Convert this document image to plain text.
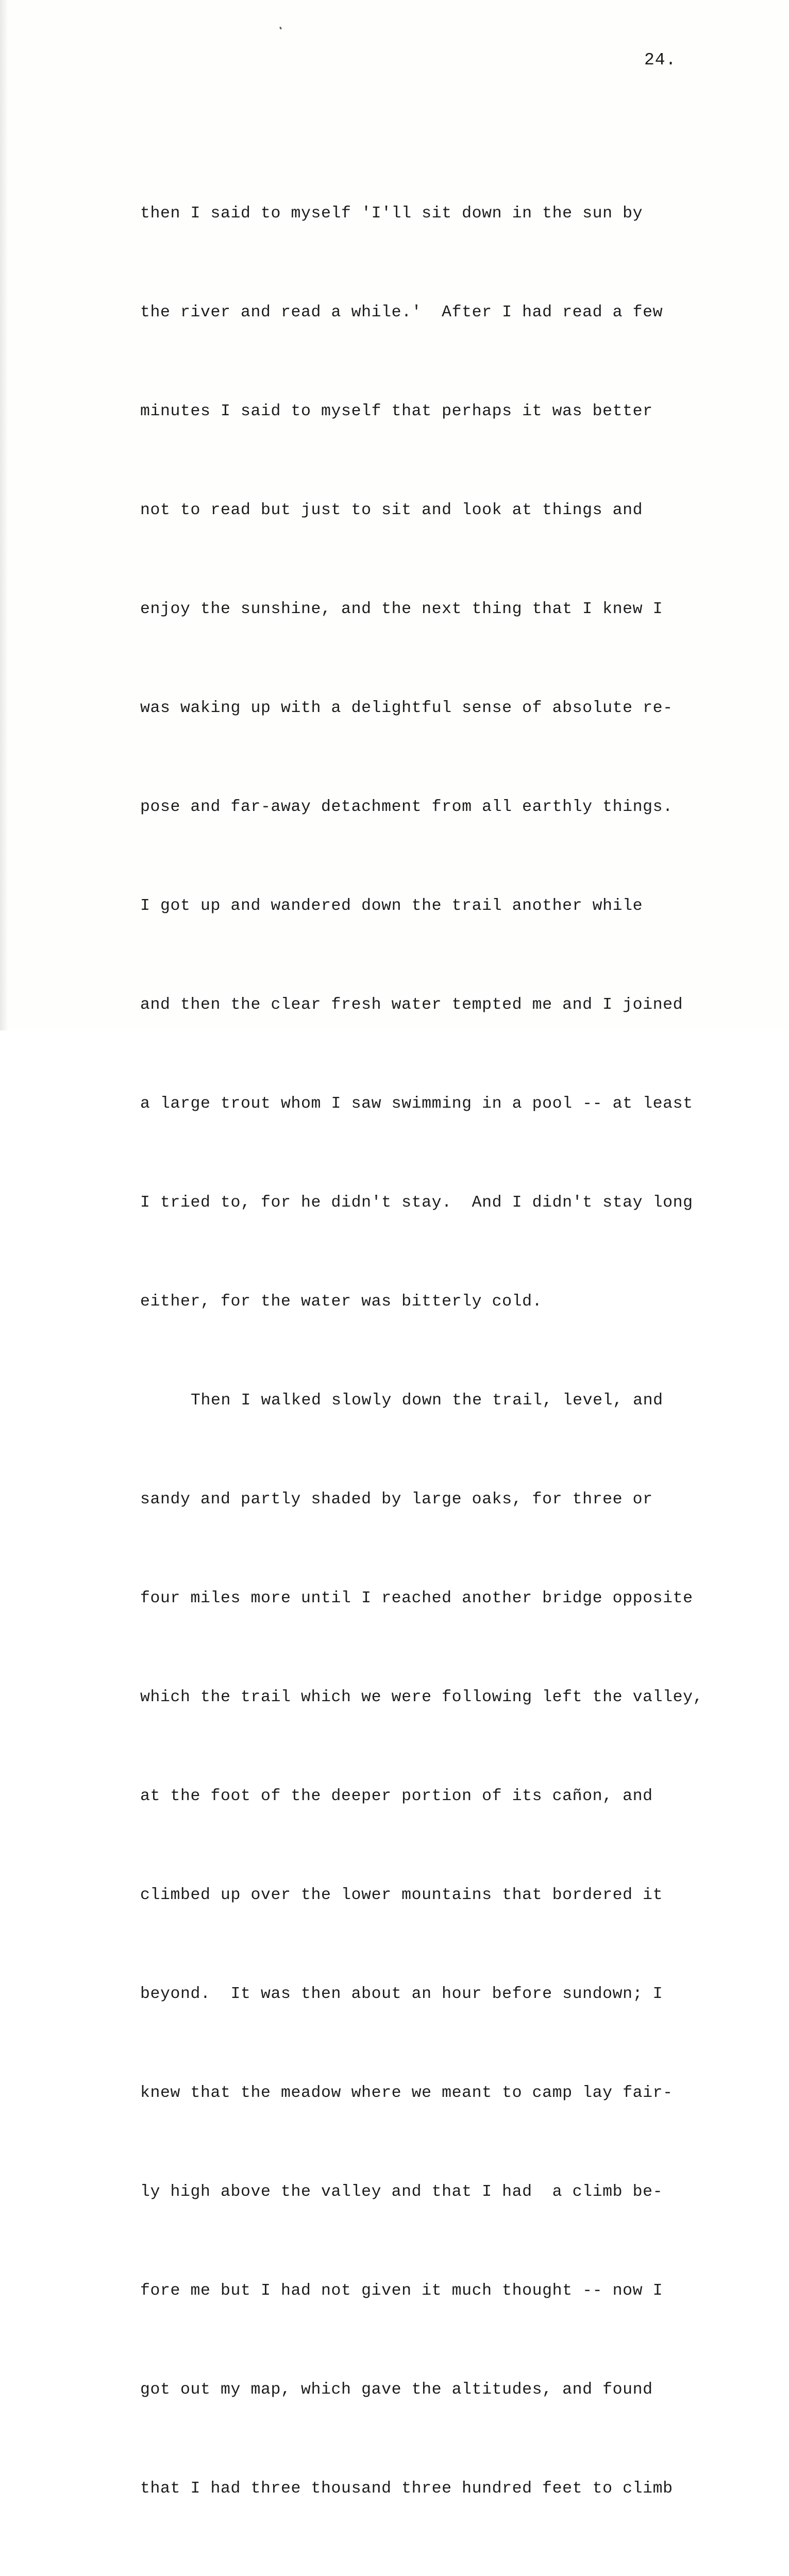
24.

then I said to myself 'I'll sit down in the sun by

the river and read a while.'  After I had read a few

minutes I said to myself that perhaps it was better

not to read but just to sit and look at things and

enjoy the sunshine, and the next thing that I knew I

was waking up with a delightful sense of absolute re-

pose and far-away detachment from all earthly things.

I got up and wandered down the trail another while

and then the clear fresh water tempted me and I joined

a large trout whom I saw swimming in a pool -- at least

I tried to, for he didn't stay.  And I didn't stay long

either, for the water was bitterly cold.

Then I walked slowly down the trail, level, and

sandy and partly shaded by large oaks, for three or

four miles more until I reached another bridge opposite

which the trail which we were following left the valley,

at the foot of the deeper portion of its cañon, and

climbed up over the lower mountains that bordered it

beyond.  It was then about an hour before sundown; I

knew that the meadow where we meant to camp lay fair-

ly high above the valley and that I had  a climb be-

fore me but I had not given it much thought -- now I

got out my map, which gave the altitudes, and found

that I had three thousand three hundred feet to climb
